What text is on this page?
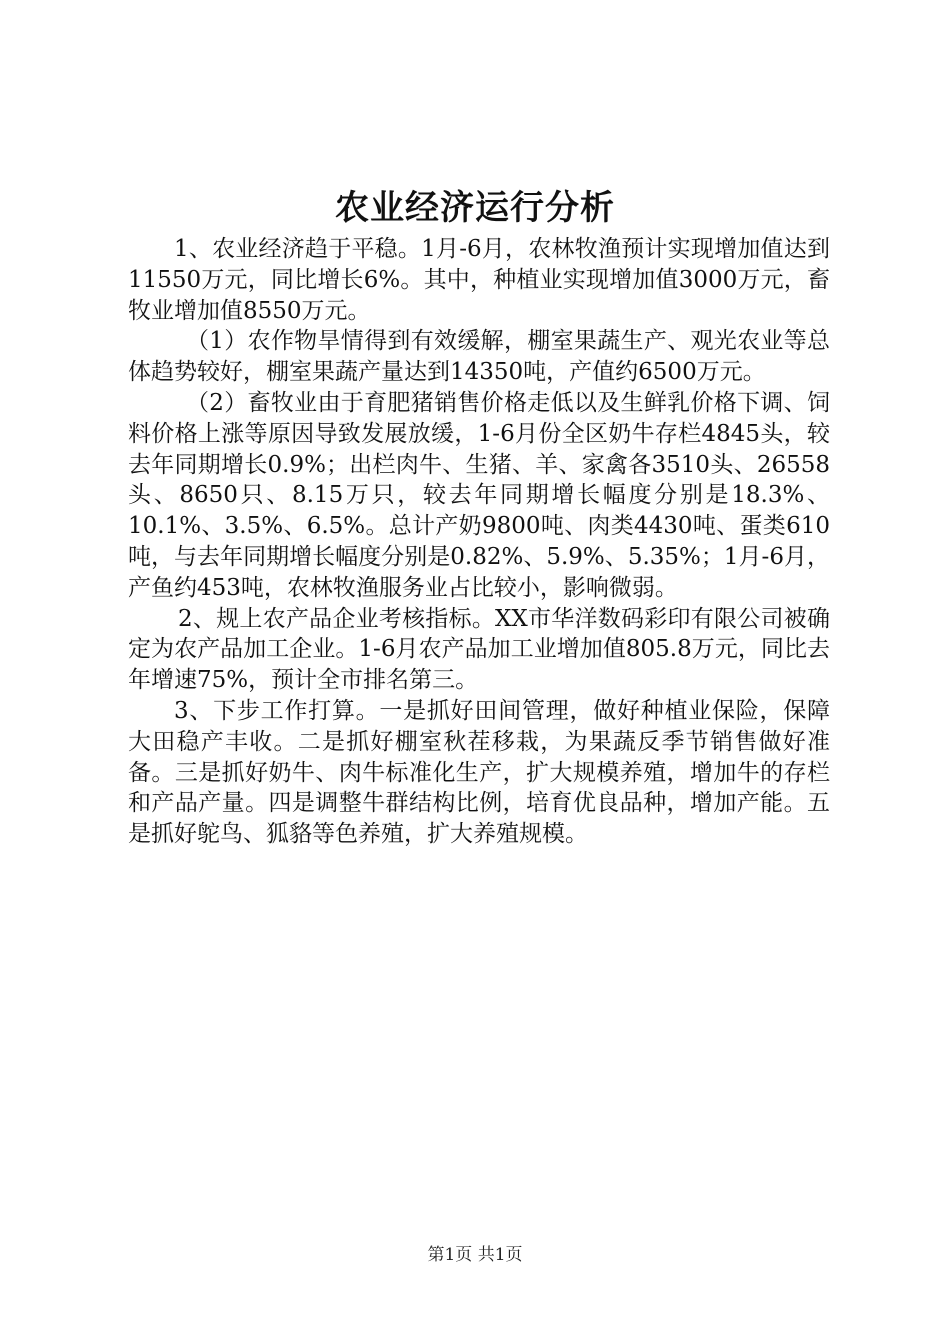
农业经济运行分析

1、农业经济趋于平稳。1月-6月，农林牧渔预计实现增加值达到11550万元，同比增长6%。其中，种植业实现增加值3000万元，畜牧业增加值8550万元。

（1）农作物旱情得到有效缓解，棚室果蔬生产、观光农业等总体趋势较好，棚室果蔬产量达到14350吨，产值约6500万元。

（2）畜牧业由于育肥猪销售价格走低以及生鲜乳价格下调、饲料价格上涨等原因导致发展放缓，1-6月份全区奶牛存栏4845头，较去年同期增长0.9%；出栏肉牛、生猪、羊、家禽各3510头、26558头、8650只、8.15万只，较去年同期增长幅度分别是18.3%、10.1%、3.5%、6.5%。总计产奶9800吨、肉类4430吨、蛋类610吨，与去年同期增长幅度分别是0.82%、5.9%、5.35%；1月-6月，产鱼约453吨，农林牧渔服务业占比较小，影响微弱。

2、规上农产品企业考核指标。XX市华洋数码彩印有限公司被确定为农产品加工企业。1-6月农产品加工业增加值805.8万元，同比去年增速75%，预计全市排名第三。

3、下步工作打算。一是抓好田间管理，做好种植业保险，保障大田稳产丰收。二是抓好棚室秋茬移栽，为果蔬反季节销售做好准备。三是抓好奶牛、肉牛标准化生产，扩大规模养殖，增加牛的存栏和产品产量。四是调整牛群结构比例，培育优良品种，增加产能。五是抓好鸵鸟、狐貉等色养殖，扩大养殖规模。

第1页 共1页
